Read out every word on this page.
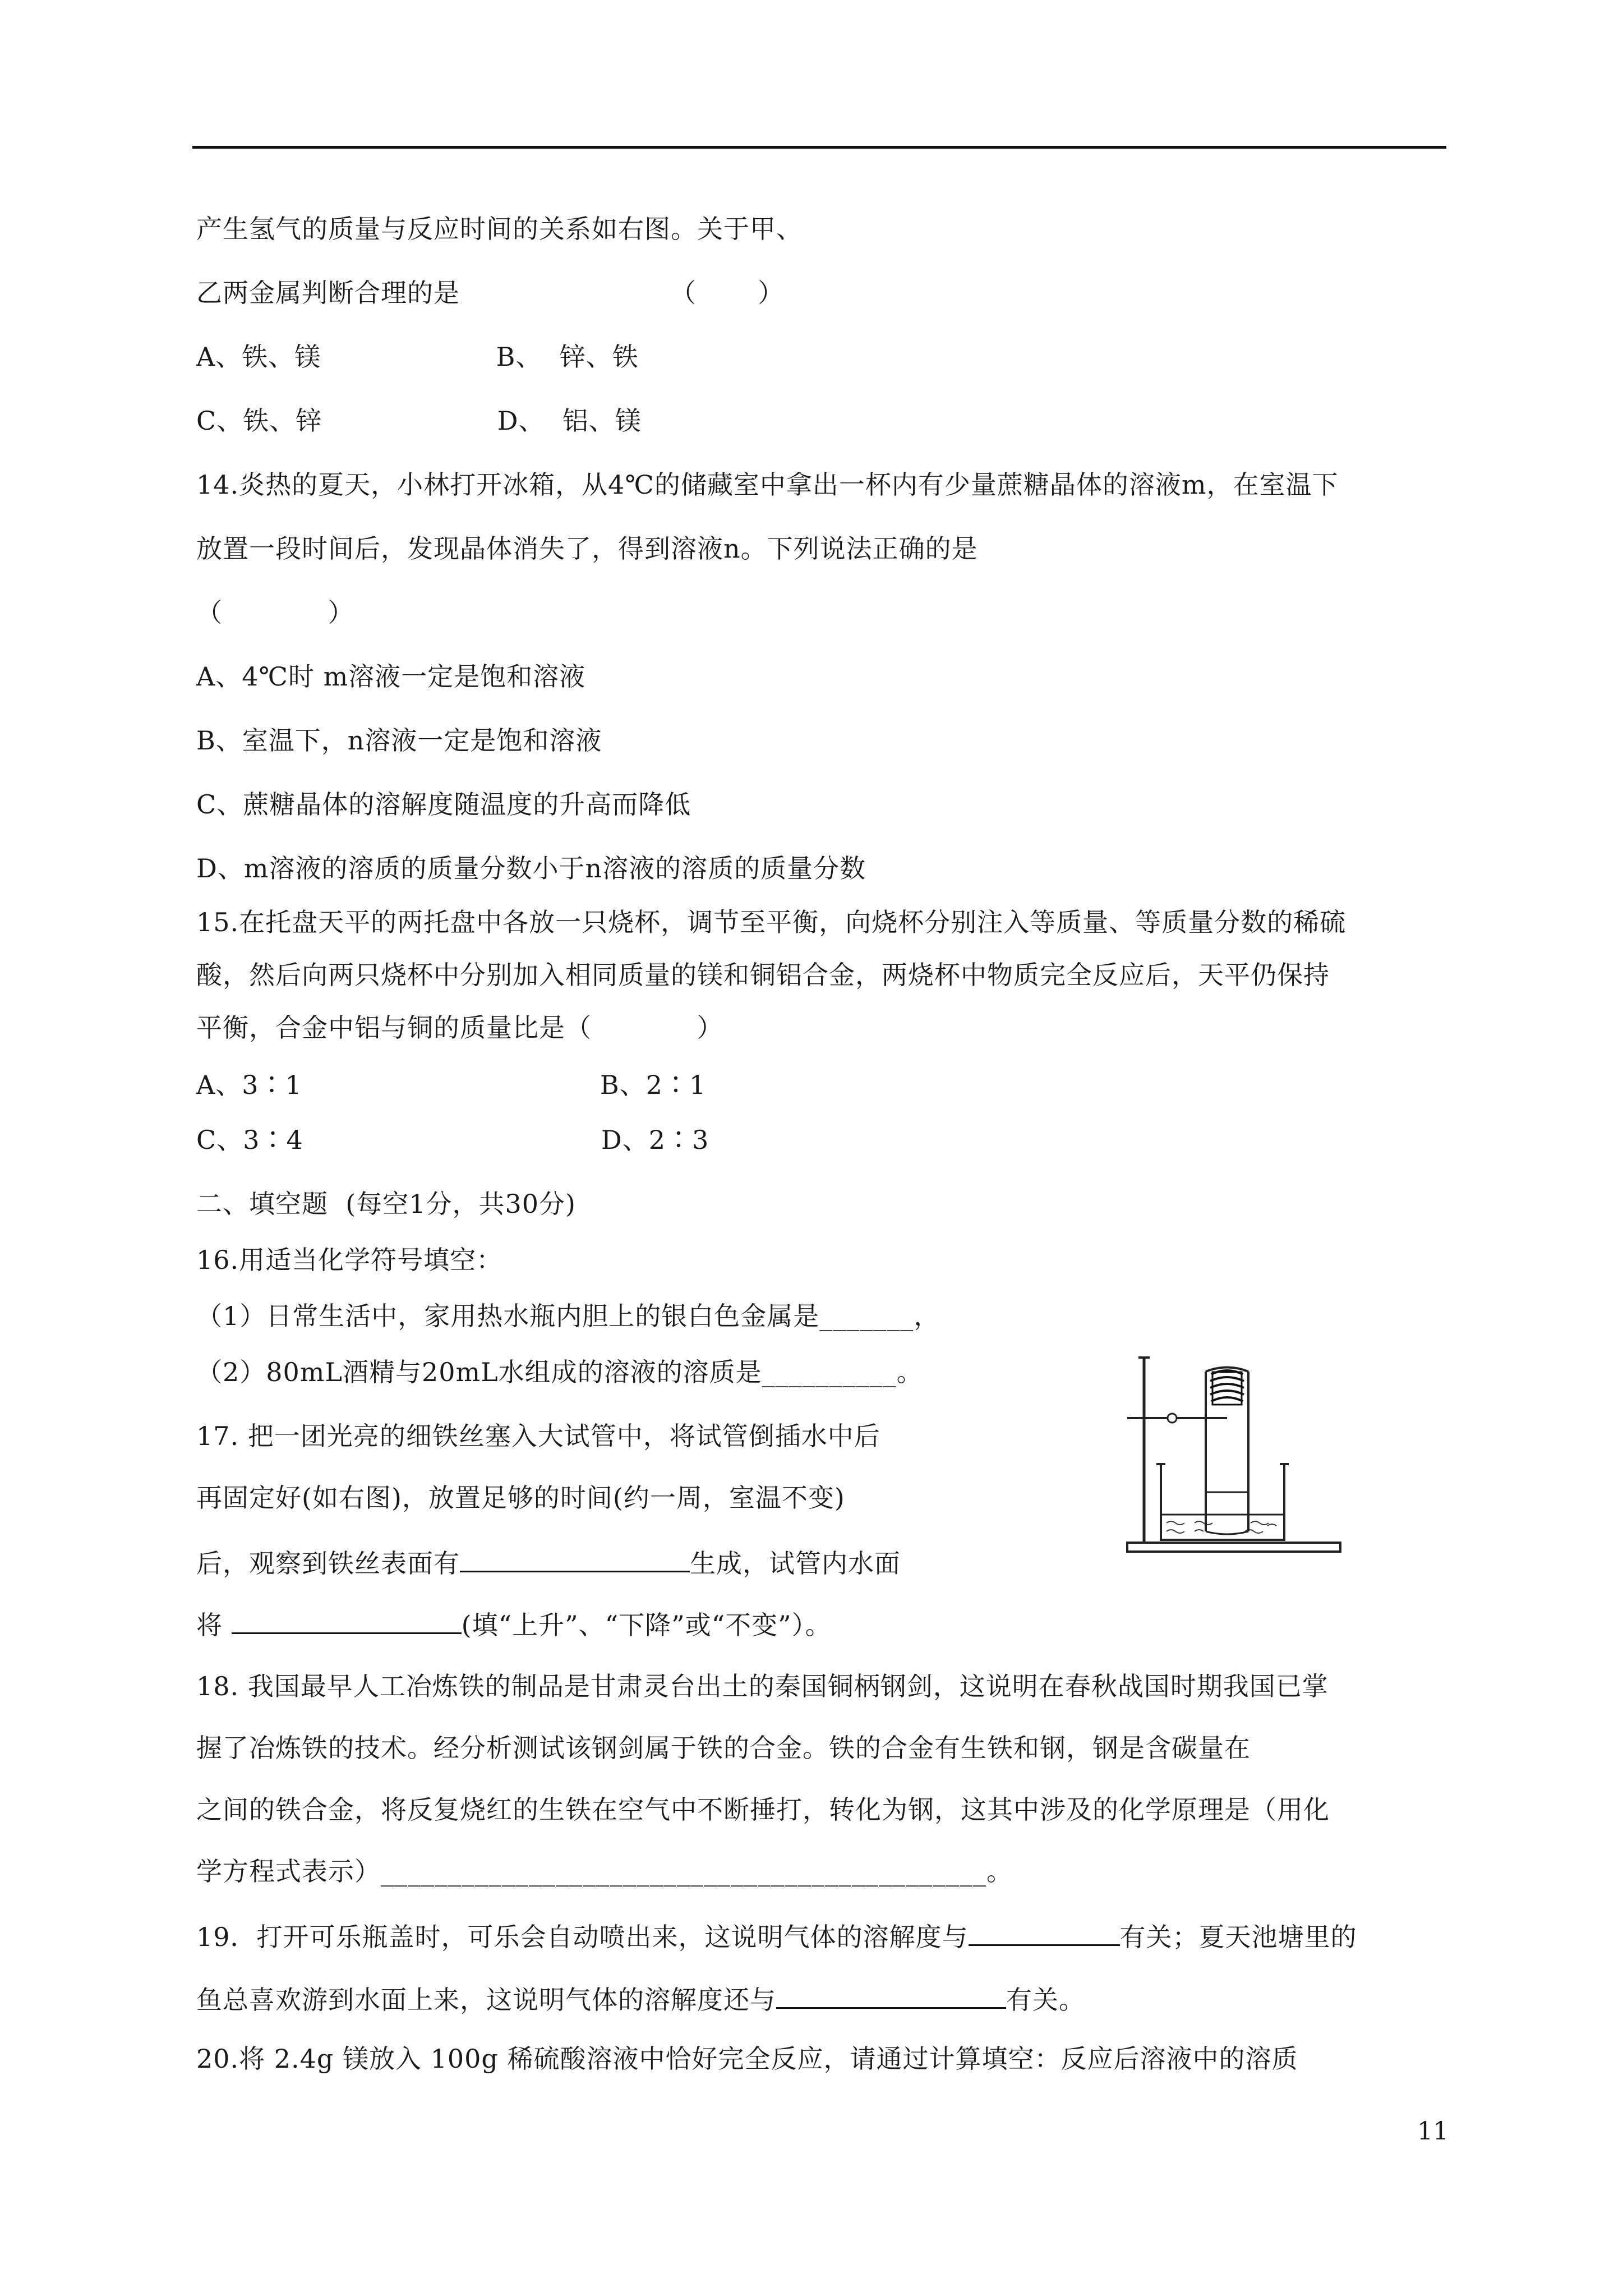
产生氢气的质量与反应时间的关系如右图。关于甲、
乙两金属判断合理的是                        （       ）
A、铁、镁                    B、  锌、铁
C、铁、锌                    D、  铝、镁
14.炎热的夏天，小林打开冰箱，从4℃的储藏室中拿出一杯内有少量蔗糖晶体的溶液m，在室温下
放置一段时间后，发现晶体消失了，得到溶液n。下列说法正确的是
（            ）
A、4℃时 m溶液一定是饱和溶液
B、室温下，n溶液一定是饱和溶液
C、蔗糖晶体的溶解度随温度的升高而降低
D、m溶液的溶质的质量分数小于n溶液的溶质的质量分数
15.在托盘天平的两托盘中各放一只烧杯，调节至平衡，向烧杯分别注入等质量、等质量分数的稀硫
酸，然后向两只烧杯中分别加入相同质量的镁和铜铝合金，两烧杯中物质完全反应后，天平仍保持
平衡，合金中铝与铜的质量比是（            ）
A、3∶1                                  B、2∶1
C、3∶4                                  D、2∶3
二、填空题  (每空1分，共30分)
16.用适当化学符号填空：
（1）日常生活中，家用热水瓶内胆上的银白色金属是_______，
（2）80mL酒精与20mL水组成的溶液的溶质是__________。
17. 把一团光亮的细铁丝塞入大试管中，将试管倒插水中后
再固定好(如右图)，放置足够的时间(约一周，室温不变)
后，观察到铁丝表面有	生成，试管内水面
将	(填“上升”、“下降”或“不变”）。
18. 我国最早人工冶炼铁的制品是甘肃灵台出土的秦国铜柄钢剑，这说明在春秋战国时期我国已掌
握了冶炼铁的技术。经分析测试该钢剑属于铁的合金。铁的合金有生铁和钢，钢是含碳量在
之间的铁合金，将反复烧红的生铁在空气中不断捶打，转化为钢，这其中涉及的化学原理是（用化
学方程式表示）_____________________________________________。
19．打开可乐瓶盖时，可乐会自动喷出来，这说明气体的溶解度与	有关；夏天池塘里的
鱼总喜欢游到水面上来，这说明气体的溶解度还与	有关。
20.将 2.4g 镁放入 100g 稀硫酸溶液中恰好完全反应，请通过计算填空：反应后溶液中的溶质
11
